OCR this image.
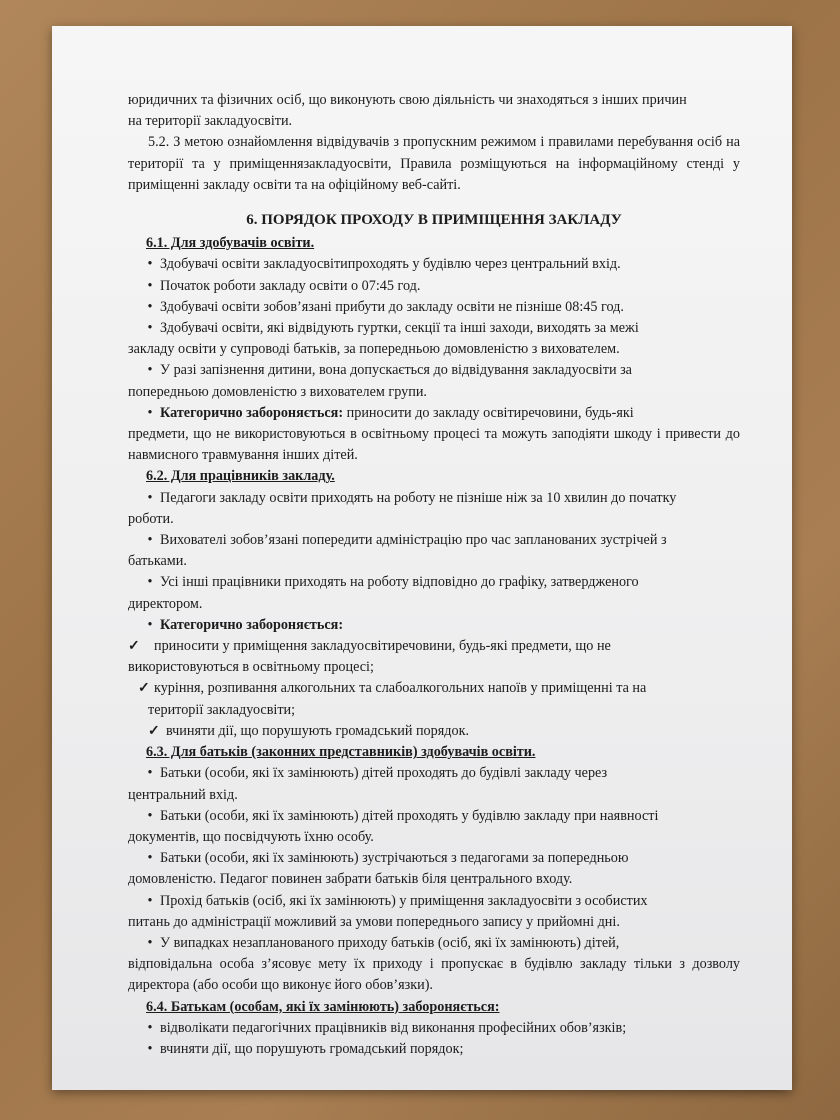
юридичних та фізичних осіб, що виконують свою діяльність чи знаходяться з інших причин
на території закладуосвіти.

5.2. З метою ознайомлення відвідувачів з пропускним режимом і правилами перебування осіб на території та у приміщеннязакладуосвіти, Правила розміщуються на інформаційному стенді у приміщенні закладу освіти та на офіційному веб-сайті.

6. ПОРЯДОК ПРОХОДУ В ПРИМІЩЕННЯ ЗАКЛАДУ
6.1. Для здобувачів освіти.
• Здобувачі освіти закладуосвітипроходять у будівлю через центральний вхід.
• Початок роботи закладу освіти о 07:45 год.
• Здобувачі освіти зобов’язані прибути до закладу освіти не пізніше 08:45 год.
• Здобувачі освіти, які відвідують гуртки, секції та інші заходи, виходять за межі

закладу освіти у супроводі батьків, за попередньою домовленістю з вихователем.

• У разі запізнення дитини, вона допускається до відвідування закладуосвіти за

попередньою домовленістю з вихователем групи.

• Категорично забороняється: приносити до закладу освітиречовини, будь-які

предмети, що не використовуються в освітньому процесі та можуть заподіяти шкоду і привести до навмисного травмування інших дітей.

6.2. Для працівників закладу.
• Педагоги закладу освіти приходять на роботу не пізніше ніж за 10 хвилин до початку

роботи.

• Вихователі зобов’язані попередити адміністрацію про час запланованих зустрічей з

батьками.

• Усі інші працівники приходять на роботу відповідно до графіку, затвердженого

директором.

• Категорично забороняється:
✓ приносити у приміщення закладуосвітиречовини, будь-які предмети, що не

використовуються в освітньому процесі;

✓ куріння, розпивання алкогольних та слабоалкогольних напоїв у приміщенні та на

території закладуосвіти;

✓ вчиняти дії, що порушують громадський порядок.
6.3. Для батьків (законних представників) здобувачів освіти.
• Батьки (особи, які їх замінюють) дітей проходять до будівлі закладу через

центральний вхід.

• Батьки (особи, які їх замінюють) дітей проходять у будівлю закладу при наявності

документів, що посвідчують їхню особу.

• Батьки (особи, які їх замінюють) зустрічаються з педагогами за попередньою

домовленістю. Педагог повинен забрати батьків біля центрального входу.

• Прохід батьків (осіб, які їх замінюють) у приміщення закладуосвіти з особистих

питань до адміністрації можливий за умови попереднього запису у прийомні дні.

• У випадках незапланованого приходу батьків (осіб, які їх замінюють) дітей,

відповідальна особа з’ясовує мету їх приходу і пропускає в будівлю закладу тільки з дозволу директора (або особи що виконує його обов’язки).

6.4. Батькам (особам, які їх замінюють) забороняється:
• відволікати педагогічних працівників від виконання професійних обов’язків;
• вчиняти дії, що порушують громадський порядок;
